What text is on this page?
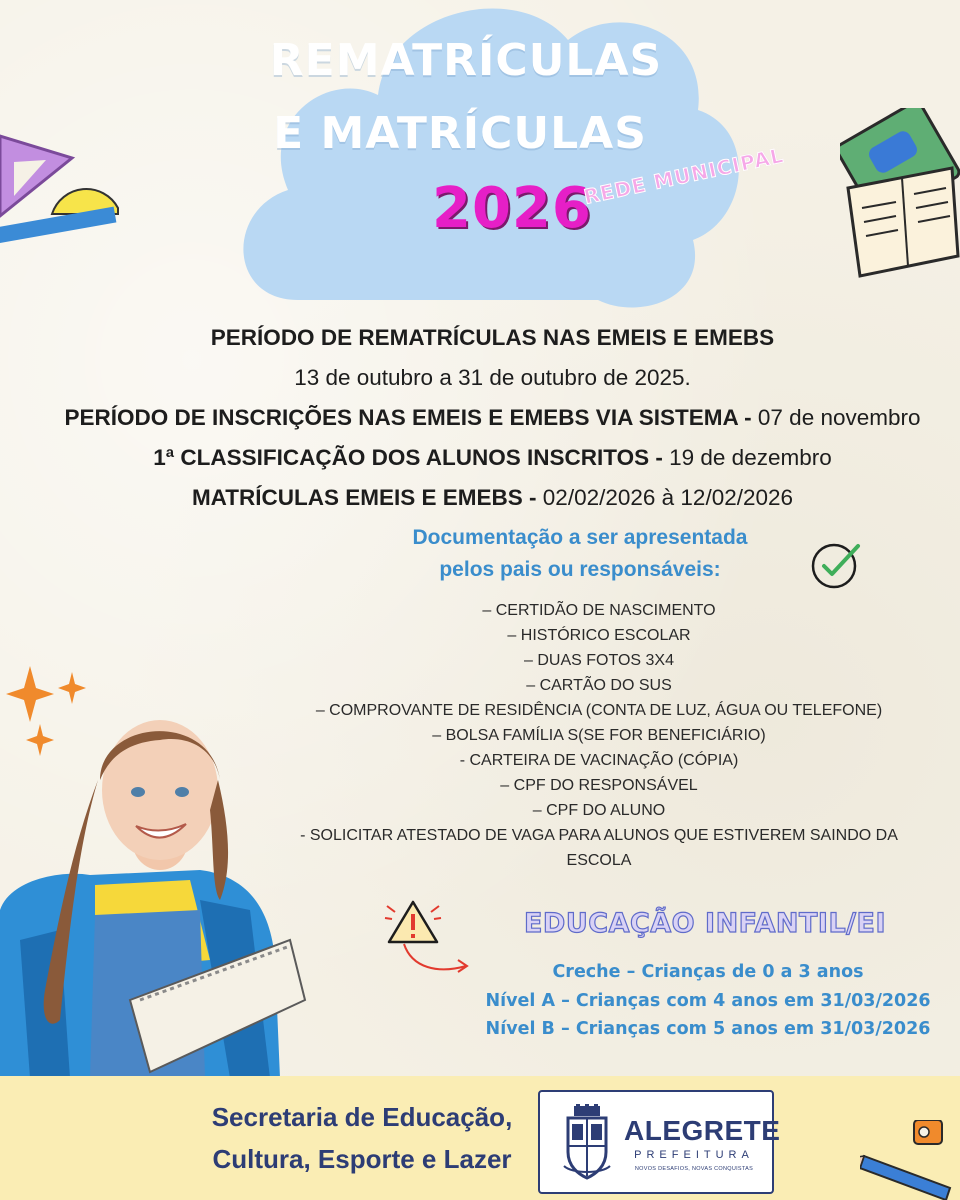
REMATRÍCULAS
E MATRÍCULAS
2026
REDE MUNICIPAL
PERÍODO DE REMATRÍCULAS NAS EMEIS E EMEBS
13 de outubro a 31 de outubro de 2025.
PERÍODO DE INSCRIÇÕES NAS EMEIS E EMEBS VIA SISTEMA - 07 de novembro
1ª CLASSIFICAÇÃO DOS ALUNOS INSCRITOS - 19 de dezembro
MATRÍCULAS EMEIS E EMEBS - 02/02/2026 à 12/02/2026
Documentação a ser apresentada
pelos pais ou responsáveis:
– CERTIDÃO DE NASCIMENTO
– HISTÓRICO ESCOLAR
– DUAS FOTOS 3X4
– CARTÃO DO SUS
– COMPROVANTE DE RESIDÊNCIA (CONTA DE LUZ, ÁGUA OU TELEFONE)
– BOLSA FAMÍLIA S(SE FOR BENEFICIÁRIO)
- CARTEIRA DE VACINAÇÃO (CÓPIA)
– CPF DO RESPONSÁVEL
– CPF DO ALUNO
- SOLICITAR ATESTADO DE VAGA PARA ALUNOS QUE ESTIVEREM SAINDO DA
ESCOLA
EDUCAÇÃO INFANTIL/EI
Creche – Crianças de 0 a 3 anos
Nível A – Crianças com 4 anos em 31/03/2026
Nível B – Crianças com 5 anos em 31/03/2026
Secretaria de Educação,
Cultura, Esporte e Lazer
ALEGRETE
PREFEITURA
NOVOS DESAFIOS, NOVAS CONQUISTAS
